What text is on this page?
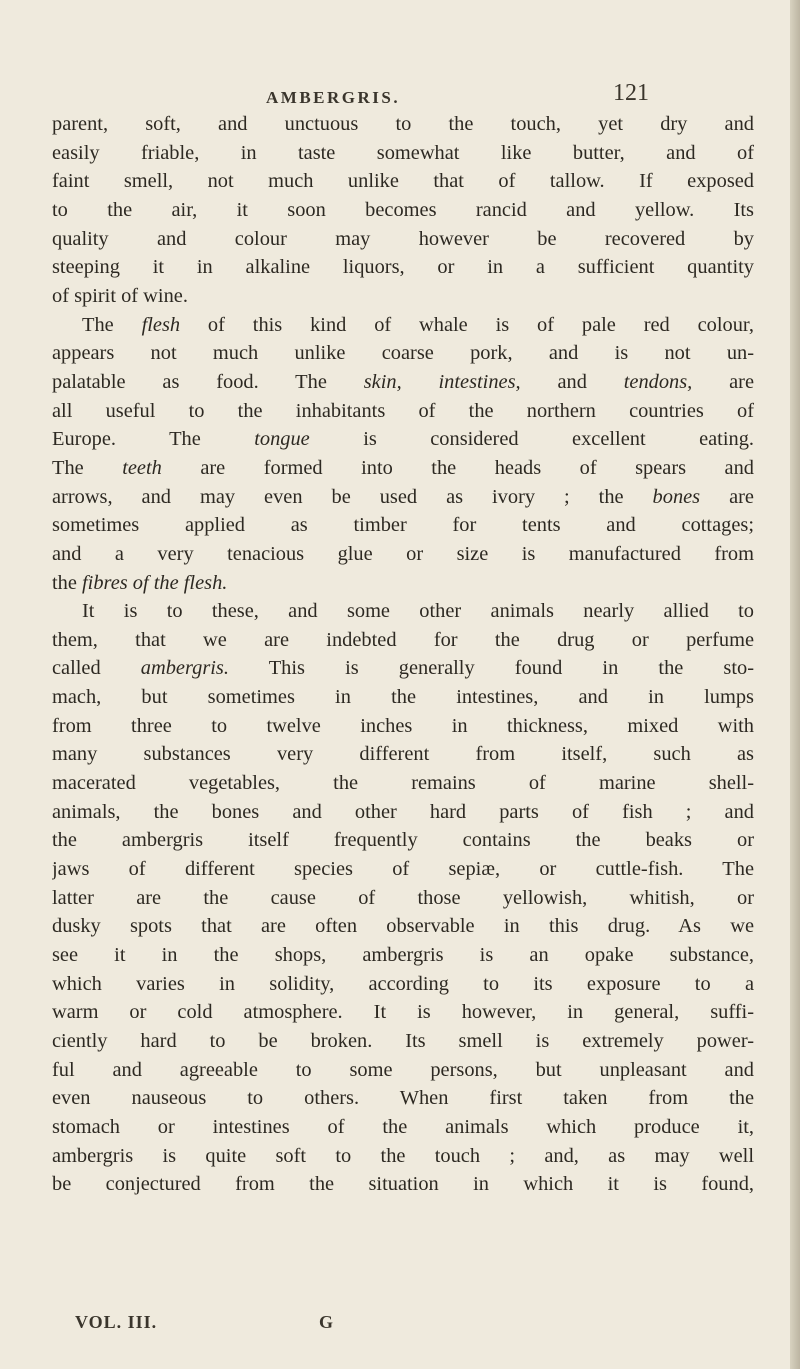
AMBERGRIS.	121
parent, soft, and unctuous to the touch, yet dry and
easily friable, in taste somewhat like butter, and of
faint smell, not much unlike that of tallow. If exposed
to the air, it soon becomes rancid and yellow. Its
quality and colour may however be recovered by
steeping it in alkaline liquors, or in a sufficient quantity
of spirit of wine.
The flesh of this kind of whale is of pale red colour,
appears not much unlike coarse pork, and is not un-
palatable as food. The skin, intestines, and tendons, are
all useful to the inhabitants of the northern countries of
Europe. The tongue is considered excellent eating.
The teeth are formed into the heads of spears and
arrows, and may even be used as ivory ; the bones are
sometimes applied as timber for tents and cottages;
and a very tenacious glue or size is manufactured from
the fibres of the flesh.
It is to these, and some other animals nearly allied to
them, that we are indebted for the drug or perfume
called ambergris. This is generally found in the sto-
mach, but sometimes in the intestines, and in lumps
from three to twelve inches in thickness, mixed with
many substances very different from itself, such as
macerated vegetables, the remains of marine shell-
animals, the bones and other hard parts of fish ; and
the ambergris itself frequently contains the beaks or
jaws of different species of sepiæ, or cuttle-fish. The
latter are the cause of those yellowish, whitish, or
dusky spots that are often observable in this drug. As we
see it in the shops, ambergris is an opake substance,
which varies in solidity, according to its exposure to a
warm or cold atmosphere. It is however, in general, suffi-
ciently hard to be broken. Its smell is extremely power-
ful and agreeable to some persons, but unpleasant and
even nauseous to others. When first taken from the
stomach or intestines of the animals which produce it,
ambergris is quite soft to the touch ; and, as may well
be conjectured from the situation in which it is found,
VOL. III.	G
